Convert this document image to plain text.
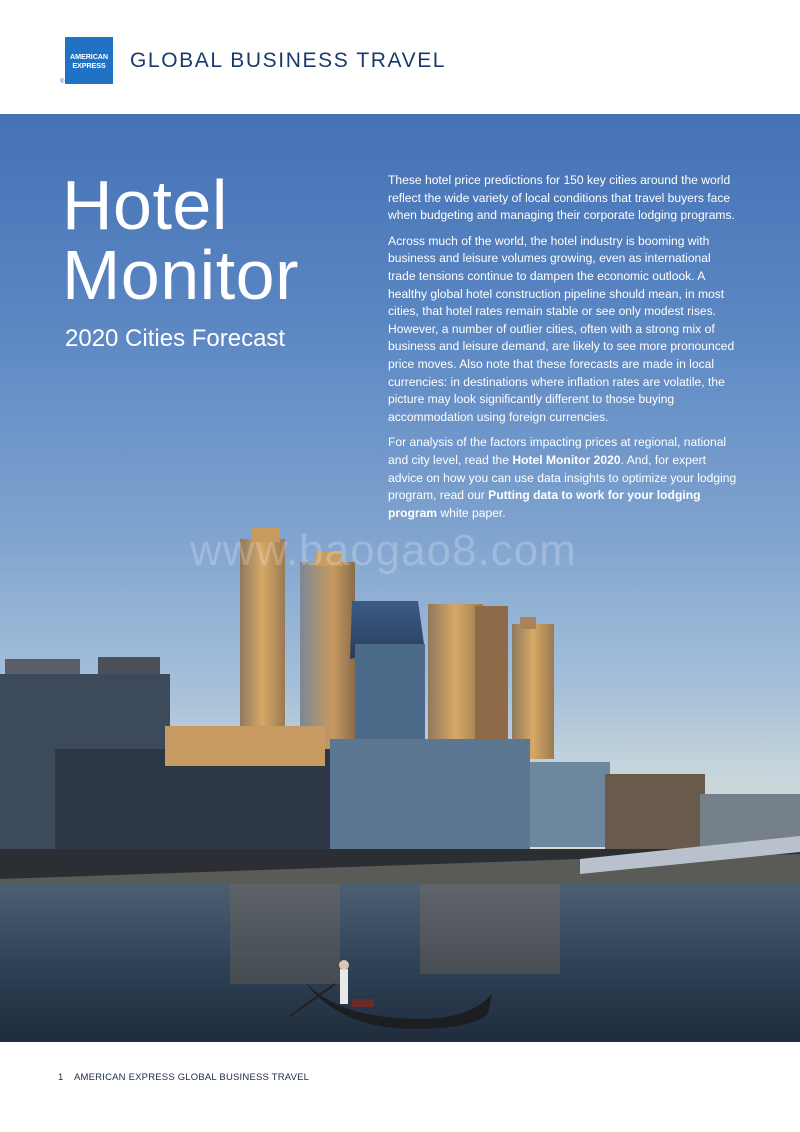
AMERICAN
EXPRESS
®
GLOBAL BUSINESS TRAVEL
Hotel
Monitor
2020 Cities Forecast

These hotel price predictions for 150 key cities around the world reflect the wide variety of local conditions that travel buyers face when budgeting and managing their corporate lodging programs.

Across much of the world, the hotel industry is booming with business and leisure volumes growing, even as international trade tensions continue to dampen the economic outlook. A healthy global hotel construction pipeline should mean, in most cities, that hotel rates remain stable or see only modest rises. However, a number of outlier cities, often with a strong mix of business and leisure demand, are likely to see more pronounced price moves. Also note that these forecasts are made in local currencies: in destinations where inflation rates are volatile, the picture may look significantly different to those buying accommodation using foreign currencies.

For analysis of the factors impacting prices at regional, national and city level, read the Hotel Monitor 2020. And, for expert advice on how you can use data insights to optimize your lodging program, read our Putting data to work for your lodging program white paper.

www.baogao8.com
1 AMERICAN EXPRESS GLOBAL BUSINESS TRAVEL
